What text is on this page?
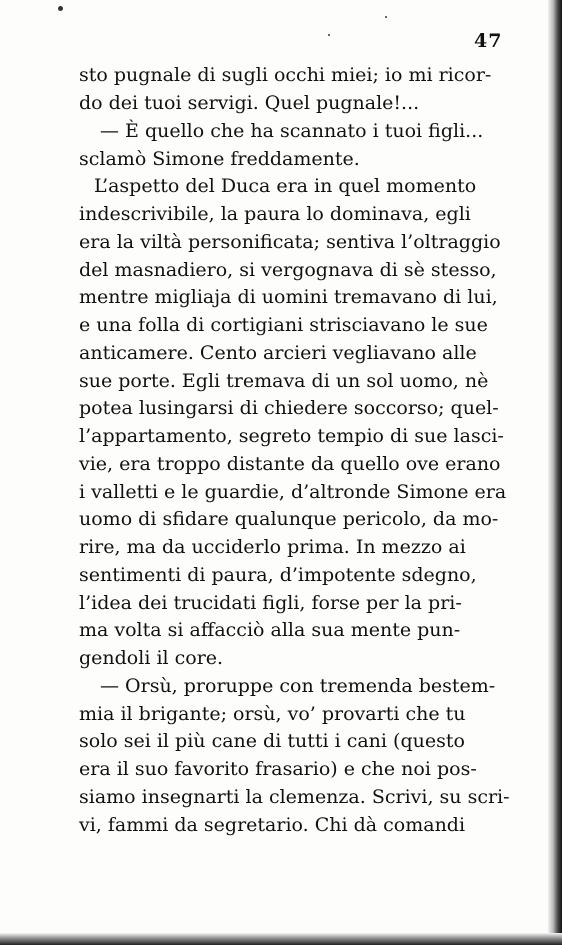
47
sto pugnale di sugli occhi miei; io mi ricor-
do dei tuoi servigi. Quel pugnale!...
— È quello che ha scannato i tuoi figli...
sclamò Simone freddamente.
L’aspetto del Duca era in quel momento
indescrivibile, la paura lo dominava, egli
era la viltà personificata; sentiva l’oltraggio
del masnadiero, si vergognava di sè stesso,
mentre migliaja di uomini tremavano di lui,
e una folla di cortigiani strisciavano le sue
anticamere. Cento arcieri vegliavano alle
sue porte. Egli tremava di un sol uomo, nè
potea lusingarsi di chiedere soccorso; quel-
l’appartamento, segreto tempio di sue lasci-
vie, era troppo distante da quello ove erano
i valletti e le guardie, d’altronde Simone era
uomo di sfidare qualunque pericolo, da mo-
rire, ma da ucciderlo prima. In mezzo ai
sentimenti di paura, d’impotente sdegno,
l’idea dei trucidati figli, forse per la pri-
ma volta si affacciò alla sua mente pun-
gendoli il core.
— Orsù, proruppe con tremenda bestem-
mia il brigante; orsù, vo’ provarti che tu
solo sei il più cane di tutti i cani (questo
era il suo favorito frasario) e che noi pos-
siamo insegnarti la clemenza. Scrivi, su scri-
vi, fammi da segretario. Chi dà comandi
